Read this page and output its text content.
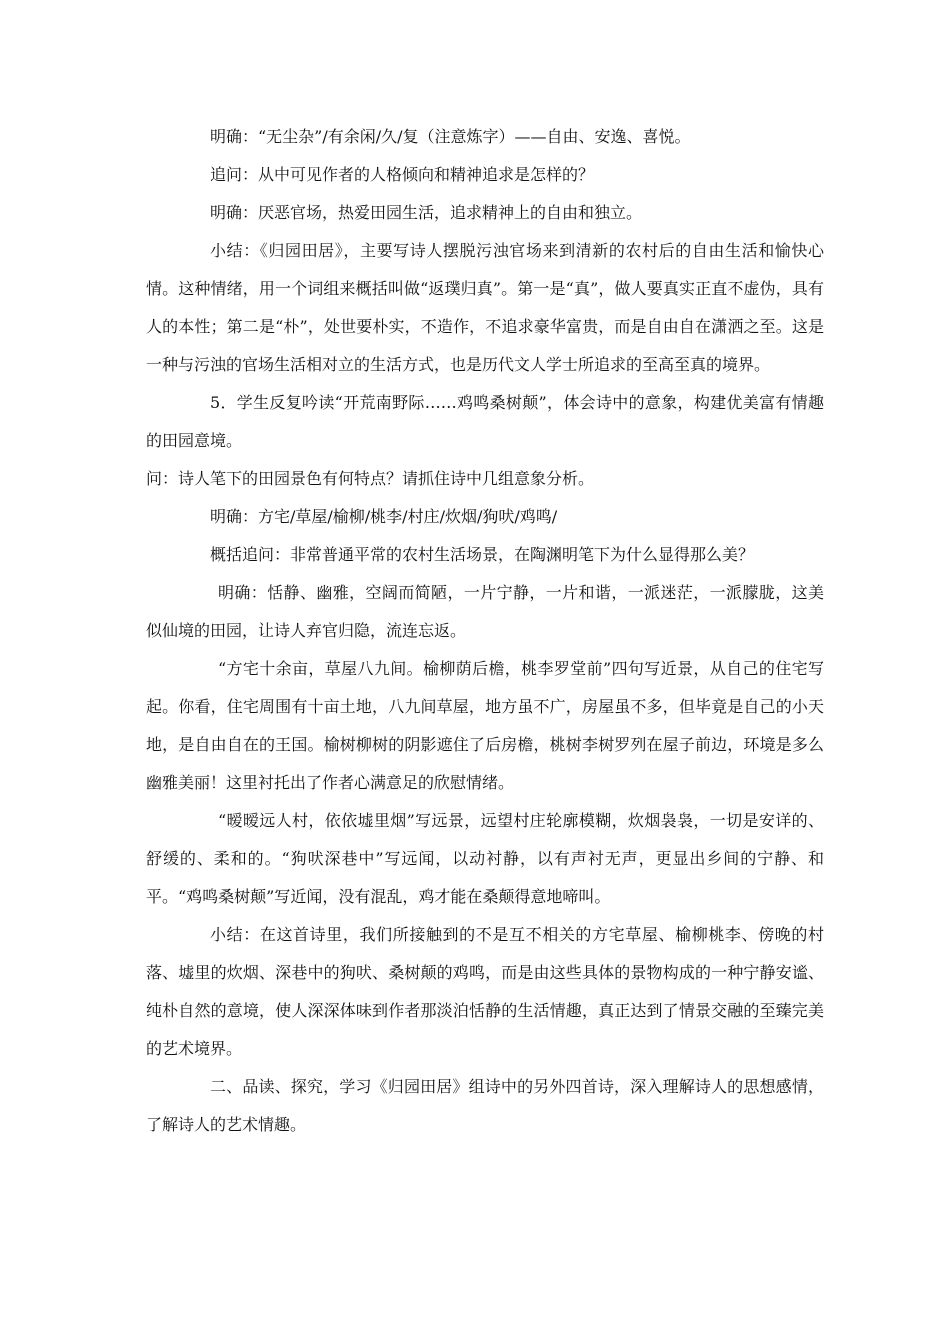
明确：“无尘杂”/有余闲/久/复（注意炼字）——自由、安逸、喜悦。

追问：从中可见作者的人格倾向和精神追求是怎样的？

明确：厌恶官场，热爱田园生活，追求精神上的自由和独立。

小结：《归园田居》，主要写诗人摆脱污浊官场来到清新的农村后的自由生活和愉快心情。这种情绪，用一个词组来概括叫做“返璞归真”。第一是“真”，做人要真实正直不虚伪，具有人的本性；第二是“朴”，处世要朴实，不造作，不追求豪华富贵，而是自由自在潇洒之至。这是一种与污浊的官场生活相对立的生活方式，也是历代文人学士所追求的至高至真的境界。

5．学生反复吟读“开荒南野际……鸡鸣桑树颠”，体会诗中的意象，构建优美富有情趣的田园意境。

问：诗人笔下的田园景色有何特点？请抓住诗中几组意象分析。

明确：方宅/草屋/榆柳/桃李/村庄/炊烟/狗吠/鸡鸣/

概括追问：非常普通平常的农村生活场景，在陶渊明笔下为什么显得那么美？

明确：恬静、幽雅，空阔而简陋，一片宁静，一片和谐，一派迷茫，一派朦胧，这美似仙境的田园，让诗人弃官归隐，流连忘返。

“方宅十余亩，草屋八九间。榆柳荫后檐，桃李罗堂前”四句写近景，从自己的住宅写起。你看，住宅周围有十亩土地，八九间草屋，地方虽不广，房屋虽不多，但毕竟是自己的小天地，是自由自在的王国。榆树柳树的阴影遮住了后房檐，桃树李树罗列在屋子前边，环境是多么幽雅美丽！这里衬托出了作者心满意足的欣慰情绪。

“暧暧远人村，依依墟里烟”写远景，远望村庄轮廓模糊，炊烟袅袅，一切是安详的、舒缓的、柔和的。“狗吠深巷中”写远闻，以动衬静，以有声衬无声，更显出乡间的宁静、和平。“鸡鸣桑树颠”写近闻，没有混乱，鸡才能在桑颠得意地啼叫。

小结：在这首诗里，我们所接触到的不是互不相关的方宅草屋、榆柳桃李、傍晚的村落、墟里的炊烟、深巷中的狗吠、桑树颠的鸡鸣，而是由这些具体的景物构成的一种宁静安谧、纯朴自然的意境，使人深深体味到作者那淡泊恬静的生活情趣，真正达到了情景交融的至臻完美的艺术境界。

二、品读、探究，学习《归园田居》组诗中的另外四首诗，深入理解诗人的思想感情，了解诗人的艺术情趣。
